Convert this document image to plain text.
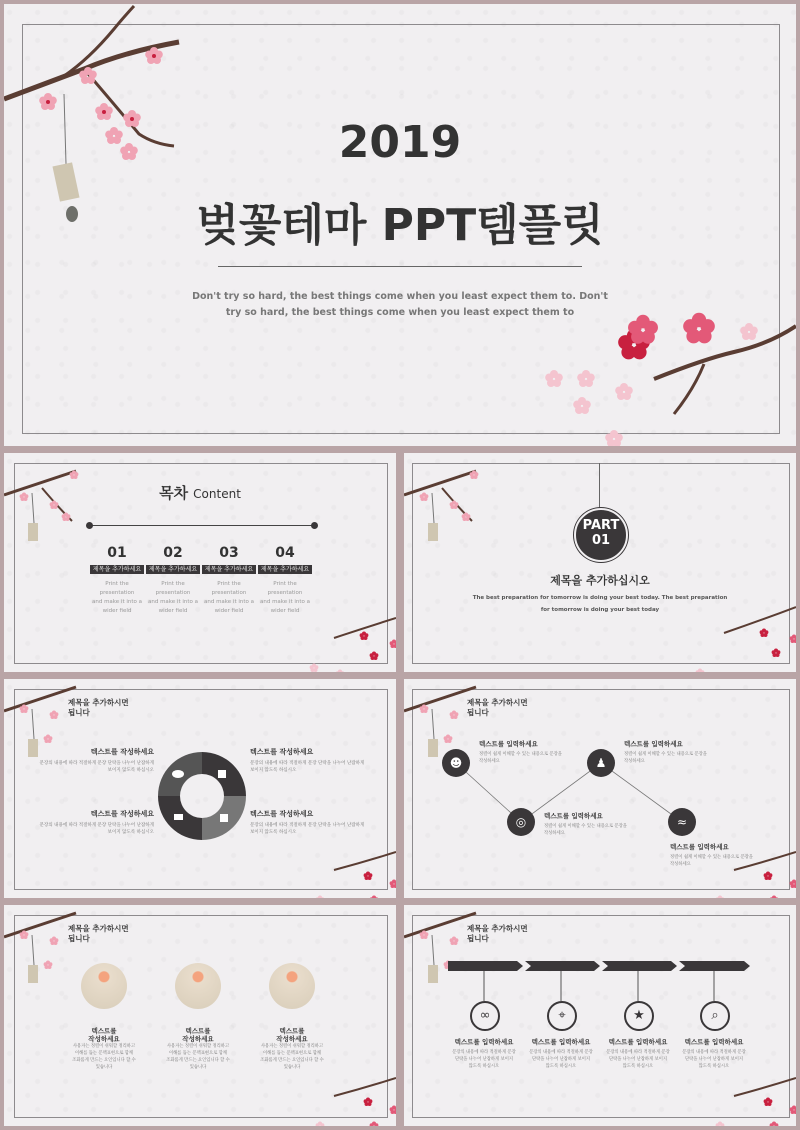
2019
벚꽃테마 PPT템플릿
Don't try so hard, the best things come when you least expect them to. Don't
try so hard, the best things come when you least expect them to
목차 Content
01
제목을 추가하세요
Print the presentation
and make it into a
wider field
02
제목을 추가하세요
Print the presentation
and make it into a
wider field
03
제목을 추가하세요
Print the presentation
and make it into a
wider field
04
제목을 추가하세요
Print the presentation
and make it into a
wider field
PART
01
제목을 추가하십시오
The best preparation for tomorrow is doing your best today. The best preparation
for tomorrow is doing your best today
제목을 추가하시면
됩니다
텍스트를 작성하세요
문장의 내용에 따라 적절하게 문장 단락을 나누어 난잡하게
보이지 않도록 하십시오
텍스트를 작성하세요
문장의 내용에 따라 적절하게 문장 단락을 나누어 난잡하게
보이지 않도록 하십시오
텍스트를 작성하세요
문장의 내용에 따라 적절하게 문장 단락을 나누어 난잡하게
보이지 않도록 하십시오
텍스트를 작성하세요
문장의 내용에 따라 적절하게 문장 단락을 나누어 난잡하게
보이지 않도록 하십시오
제목을 추가하시면
됩니다
☻
◎
♟
≈
텍스트를 입력하세요
정렬이 쉽게 이해할 수 있는 내용으로 문장을
작성하세요
텍스트를 입력하세요
정렬이 쉽게 이해할 수 있는 내용으로 문장을
작성하세요
텍스트를 입력하세요
정렬이 쉽게 이해할 수 있는 내용으로 문장을
작성하세요
텍스트를 입력하세요
정렬이 쉽게 이해할 수 있는 내용으로 문장을
작성하세요
제목을 추가하시면
됩니다
텍스트를
작성하세요
사용자는 정렬이 쉬워할 정리하고
이해를 돕는 문맥표현으로 함께
조화롭게 만드는 요인입니다 할 수
있습니다
텍스트를
작성하세요
사용자는 정렬이 쉬워할 정리하고
이해를 돕는 문맥표현으로 함께
조화롭게 만드는 요인입니다 할 수
있습니다
텍스트를
작성하세요
사용자는 정렬이 쉬워할 정리하고
이해를 돕는 문맥표현으로 함께
조화롭게 만드는 요인입니다 할 수
있습니다
제목을 추가하시면
됩니다
∞	⌖	★	⌕
텍스트를 입력하세요
문장의 내용에 따라 적절하게 문장
단락을 나누어 난잡하게 보이지
않도록 하십시오
텍스트를 입력하세요
문장의 내용에 따라 적절하게 문장
단락을 나누어 난잡하게 보이지
않도록 하십시오
텍스트를 입력하세요
문장의 내용에 따라 적절하게 문장
단락을 나누어 난잡하게 보이지
않도록 하십시오
텍스트를 입력하세요
문장의 내용에 따라 적절하게 문장
단락을 나누어 난잡하게 보이지
않도록 하십시오
